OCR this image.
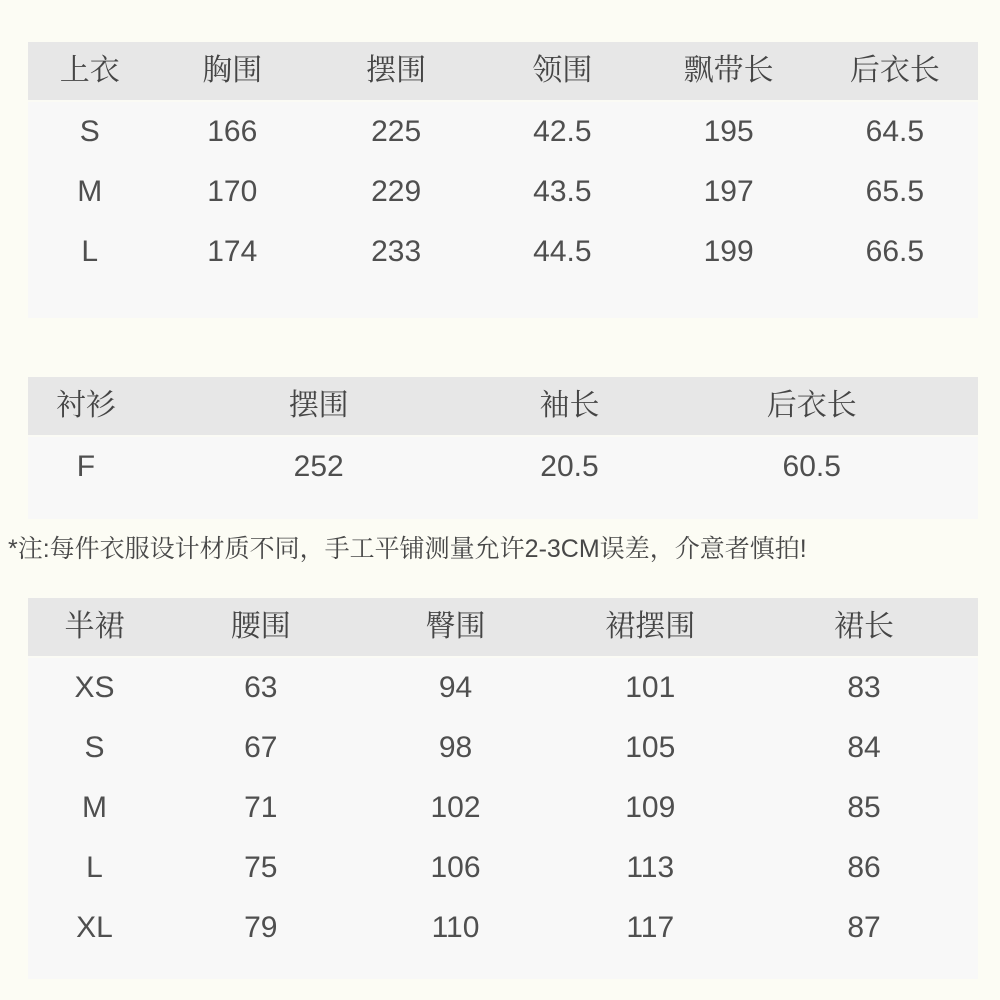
上衣	胸围	摆围	领围	飘带长	后衣长
S	166	225	42.5	195	64.5
M	170	229	43.5	197	65.5
L	174	233	44.5	199	66.5
衬衫	摆围	袖长	后衣长
F	252	20.5	60.5

*注:每件衣服设计材质不同，手工平铺测量允许2-3CM误差，介意者慎拍!

半裙	腰围	臀围	裙摆围	裙长
XS	63	94	101	83
S	67	98	105	84
M	71	102	109	85
L	75	106	113	86
XL	79	110	117	87
